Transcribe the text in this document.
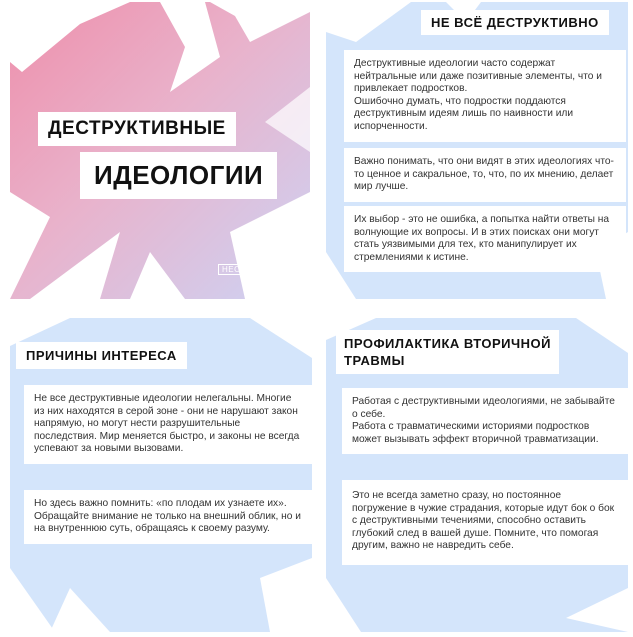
ДЕСТРУКТИВНЫЕ
ИДЕОЛОГИИ
НЕОЧЕВИДНОЕ
НЕ ВСЁ ДЕСТРУКТИВНО

Деструктивные идеологии часто содержат нейтральные или даже позитивные элементы, что и привлекает подростков.

Ошибочно думать, что подростки поддаются деструктивным идеям лишь по наивности или испорченности.

Важно понимать, что они видят в этих идеологиях что-то ценное и сакральное, то, что, по их мнению, делает мир лучше.

Их выбор - это не ошибка, а попытка найти ответы на волнующие их вопросы. И в этих поисках они могут стать уязвимыми для тех, кто манипулирует их стремлениями к истине.

ПРИЧИНЫ ИНТЕРЕСА

Не все деструктивные идеологии нелегальны. Многие из них находятся в серой зоне - они не нарушают закон напрямую, но могут нести разрушительные последствия. Мир меняется быстро, и законы не всегда успевают за новыми вызовами.

Но здесь важно помнить: «по плодам их узнаете их». Обращайте внимание не только на внешний облик, но и на внутреннюю суть, обращаясь к своему разуму.

ПРОФИЛАКТИКА ВТОРИЧНОЙ
ТРАВМЫ

Работая с деструктивными идеологиями, не забывайте о себе.

Работа с травматическими историями подростков может вызывать эффект вторичной травматизации.

Это не всегда заметно сразу, но постоянное погружение в чужие страдания, которые идут бок о бок с деструктивными течениями, способно оставить глубокий след в вашей душе. Помните, что помогая другим, важно не навредить себе.
